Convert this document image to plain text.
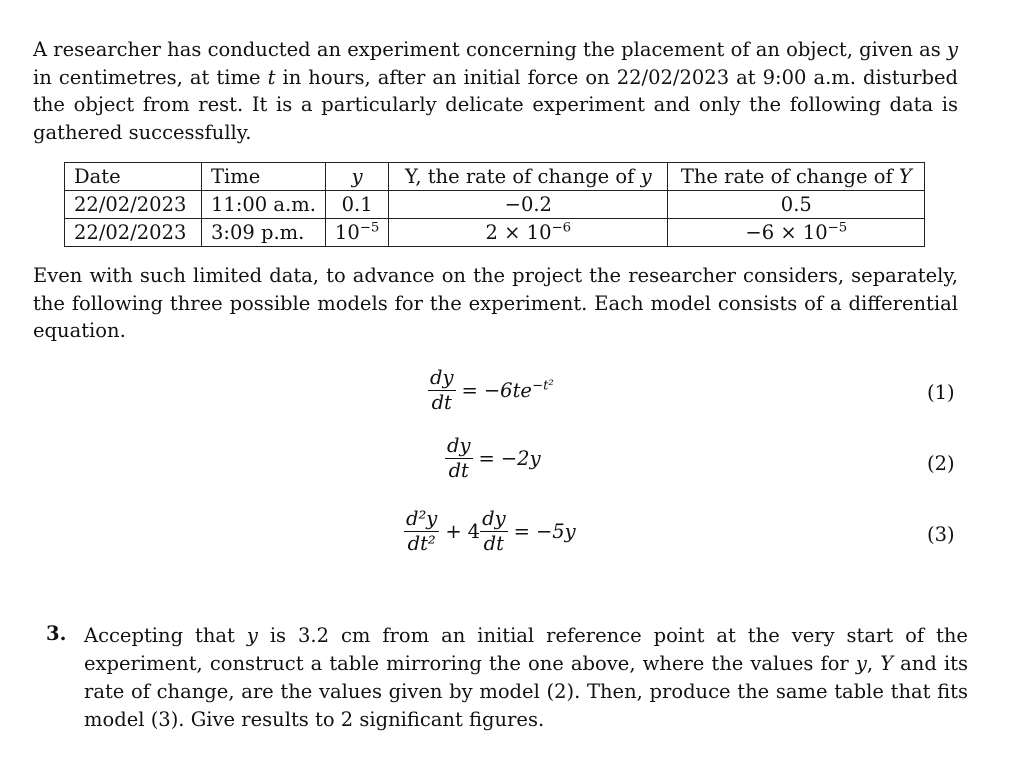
A researcher has conducted an experiment concerning the placement of an object, given as y in centimetres, at time t in hours, after an initial force on 22/02/2023 at 9:00 a.m. disturbed the object from rest. It is a particularly delicate experiment and only the following data is gathered successfully.

Date	Time	y	Y, the rate of change of y	The rate of change of Y
22/02/2023	11:00 a.m.	0.1	−0.2	0.5
22/02/2023	3:09 p.m.	$10^{-5}$	$2 \times 10^{-6}$	$-6 \times 10^{-5}$

Even with such limited data, to advance on the project the researcher considers, separately, the following three possible models for the experiment. Each model consists of a differential equation.

$\frac{dy}{dt} = -6te^{-t^2}$	(1)
$\frac{dy}{dt} = -2y$	(2)
$\frac{\text{d²y}}{\text{dt²}} + 4 \frac{dy}{dt} = -5y$	(3)
3. Accepting that y is 3.2 cm from an initial reference point at the very start of the experiment, construct a table mirroring the one above, where the values for y, Y and its rate of change, are the values given by model (2). Then, produce the same table that fits model (3). Give results to 2 significant figures.
